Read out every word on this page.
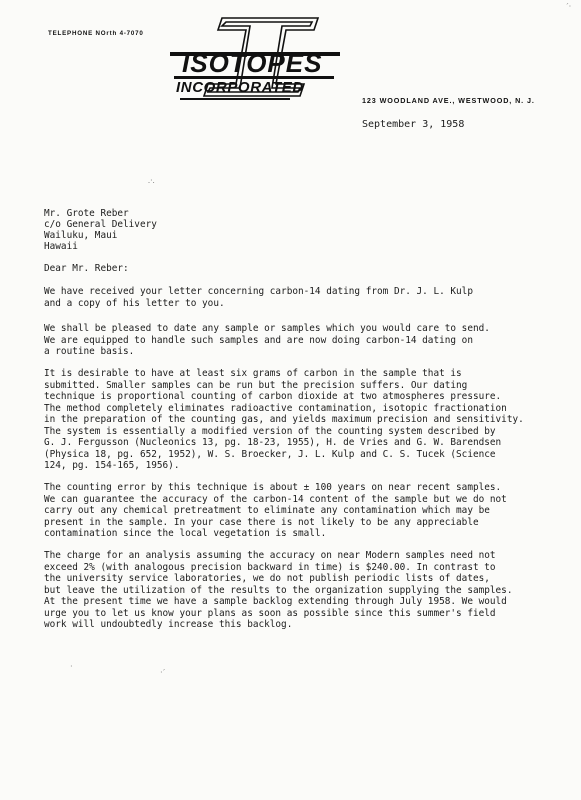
TELEPHONE NOrth 4-7070
ISOTOPES
INCORPORATED
123 WOODLAND AVE., WESTWOOD, N. J.
September 3, 1958
.·.
·
·´
´·
Mr. Grote Reber
c/o General Delivery
Wailuku, Maui
Hawaii
Dear Mr. Reber:
We have received your letter concerning carbon-14 dating from Dr. J. L. Kulp
and a copy of his letter to you.
We shall be pleased to date any sample or samples which you would care to send.
We are equipped to handle such samples and are now doing carbon-14 dating on
a routine basis.
It is desirable to have at least six grams of carbon in the sample that is
submitted. Smaller samples can be run but the precision suffers. Our dating
technique is proportional counting of carbon dioxide at two atmospheres pressure.
The method completely eliminates radioactive contamination, isotopic fractionation
in the preparation of the counting gas, and yields maximum precision and sensitivity.
The system is essentially a modified version of the counting system described by
G. J. Fergusson (Nucleonics 13, pg. 18-23, 1955), H. de Vries and G. W. Barendsen
(Physica 18, pg. 652, 1952), W. S. Broecker, J. L. Kulp and C. S. Tucek (Science
124, pg. 154-165, 1956).
The counting error by this technique is about ± 100 years on near recent samples.
We can guarantee the accuracy of the carbon-14 content of the sample but we do not
carry out any chemical pretreatment to eliminate any contamination which may be
present in the sample. In your case there is not likely to be any appreciable
contamination since the local vegetation is small.
The charge for an analysis assuming the accuracy on near Modern samples need not
exceed 2% (with analogous precision backward in time) is $240.00. In contrast to
the university service laboratories, we do not publish periodic lists of dates,
but leave the utilization of the results to the organization supplying the samples.
At the present time we have a sample backlog extending through July 1958. We would
urge you to let us know your plans as soon as possible since this summer's field
work will undoubtedly increase this backlog.
